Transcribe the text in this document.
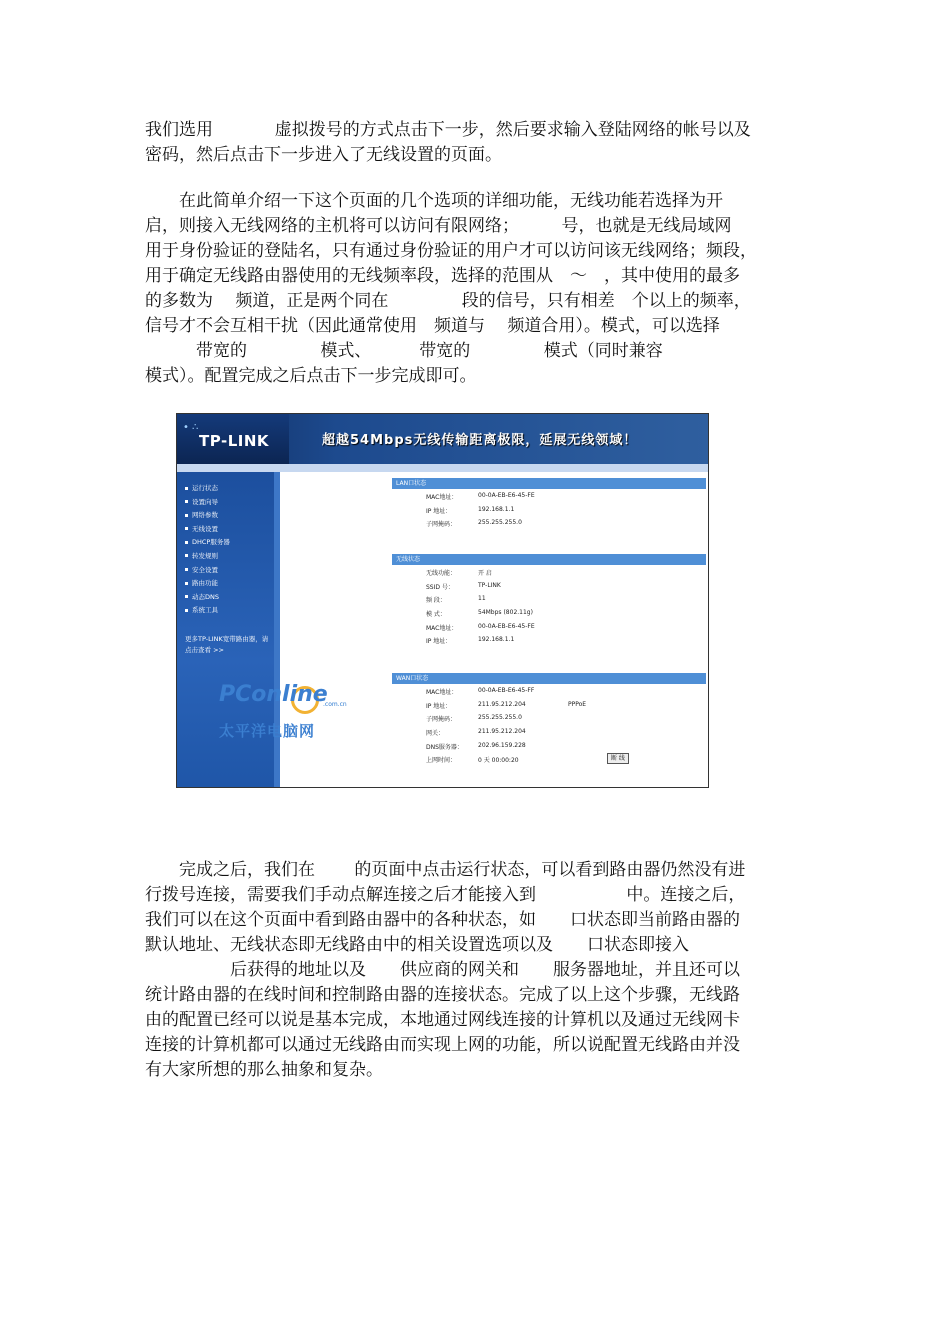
我们选用 　　　 虚拟拨号的方式点击下一步，然后要求输入登陆网络的帐号以及
密码，然后点击下一步进入了无线设置的页面。
　　在此简单介绍一下这个页面的几个选项的详细功能，无线功能若选择为开
启，则接入无线网络的主机将可以访问有限网络；　　　号，也就是无线局域网
用于身份验证的登陆名，只有通过身份验证的用户才可以访问该无线网络；频段，
用于确定无线路由器使用的无线频率段，选择的范围从　～　，其中使用的最多
的多数为　 频道，正是两个同在　　　　 段的信号，只有相差　个以上的频率，
信号才不会互相干扰（因此通常使用　频道与　 频道合用）。模式，可以选择
　　　带宽的　　　　 模式、　　　 带宽的　　　　 模式（同时兼容
模式）。配置完成之后点击下一步完成即可。
• ∴
TP-LINK	超越54Mbps无线传输距离极限，延展无线领域！
运行状态
设置向导
网络参数
无线设置
DHCP服务器
转发规则
安全设置
路由功能
动态DNS
系统工具
更多TP-LINK宽带路由器，请点击查看 >>
PConline
.com.cn
太平洋电脑网
LAN口状态
MAC地址：	00-0A-EB-E6-45-FE
IP 地址：	192.168.1.1
子网掩码：	255.255.255.0
无线状态
无线功能：	开 启
SSID 号：	TP-LINK
频 段：	11
模 式：	54Mbps (802.11g)
MAC地址：	00-0A-EB-E6-45-FE
IP 地址：	192.168.1.1
WAN口状态
MAC地址：	00-0A-EB-E6-45-FF
IP 地址：	211.95.212.204	PPPoE
子网掩码：	255.255.255.0
网关：	211.95.212.204
DNS服务器：	202.96.159.228
上网时间：	0 天 00:00:20	断 线
　　完成之后，我们在　　 的页面中点击运行状态，可以看到路由器仍然没有进
行拨号连接，需要我们手动点解连接之后才能接入到　　　　　 中。连接之后，
我们可以在这个页面中看到路由器中的各种状态，如　　口状态即当前路由器的
默认地址、无线状态即无线路由中的相关设置选项以及　　口状态即接入
　　　　　后获得的地址以及　　供应商的网关和　　服务器地址，并且还可以
统计路由器的在线时间和控制路由器的连接状态。完成了以上这个步骤，无线路
由的配置已经可以说是基本完成，本地通过网线连接的计算机以及通过无线网卡
连接的计算机都可以通过无线路由而实现上网的功能，所以说配置无线路由并没
有大家所想的那么抽象和复杂。
